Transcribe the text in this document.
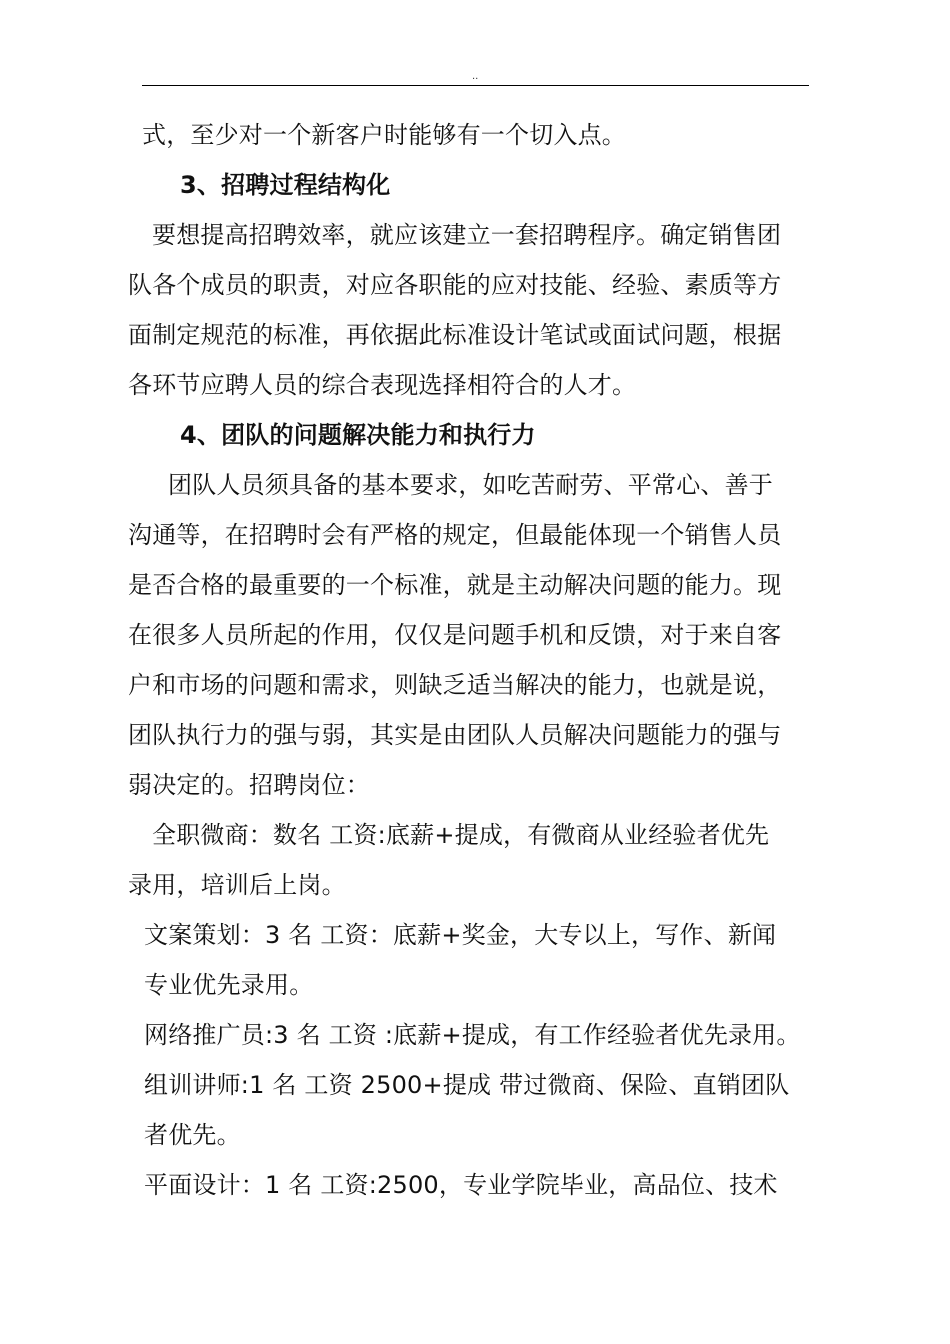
..
式，至少对一个新客户时能够有一个切入点。
3、招聘过程结构化
要想提高招聘效率，就应该建立一套招聘程序。确定销售团
队各个成员的职责，对应各职能的应对技能、经验、素质等方
面制定规范的标准，再依据此标准设计笔试或面试问题，根据
各环节应聘人员的综合表现选择相符合的人才。
4、团队的问题解决能力和执行力
团队人员须具备的基本要求，如吃苦耐劳、平常心、善于
沟通等，在招聘时会有严格的规定，但最能体现一个销售人员
是否合格的最重要的一个标准，就是主动解决问题的能力。现
在很多人员所起的作用，仅仅是问题手机和反馈，对于来自客
户和市场的问题和需求，则缺乏适当解决的能力，也就是说，
团队执行力的强与弱，其实是由团队人员解决问题能力的强与
弱决定的。招聘岗位：
全职微商：数名 工资:底薪+提成，有微商从业经验者优先
录用，培训后上岗。
文案策划：3 名 工资：底薪+奖金，大专以上，写作、新闻
专业优先录用。
网络推广员:3 名 工资 :底薪+提成，有工作经验者优先录用。
组训讲师:1 名 工资 2500+提成 带过微商、保险、直销团队
者优先。
平面设计：1 名 工资:2500，专业学院毕业，高品位、技术
